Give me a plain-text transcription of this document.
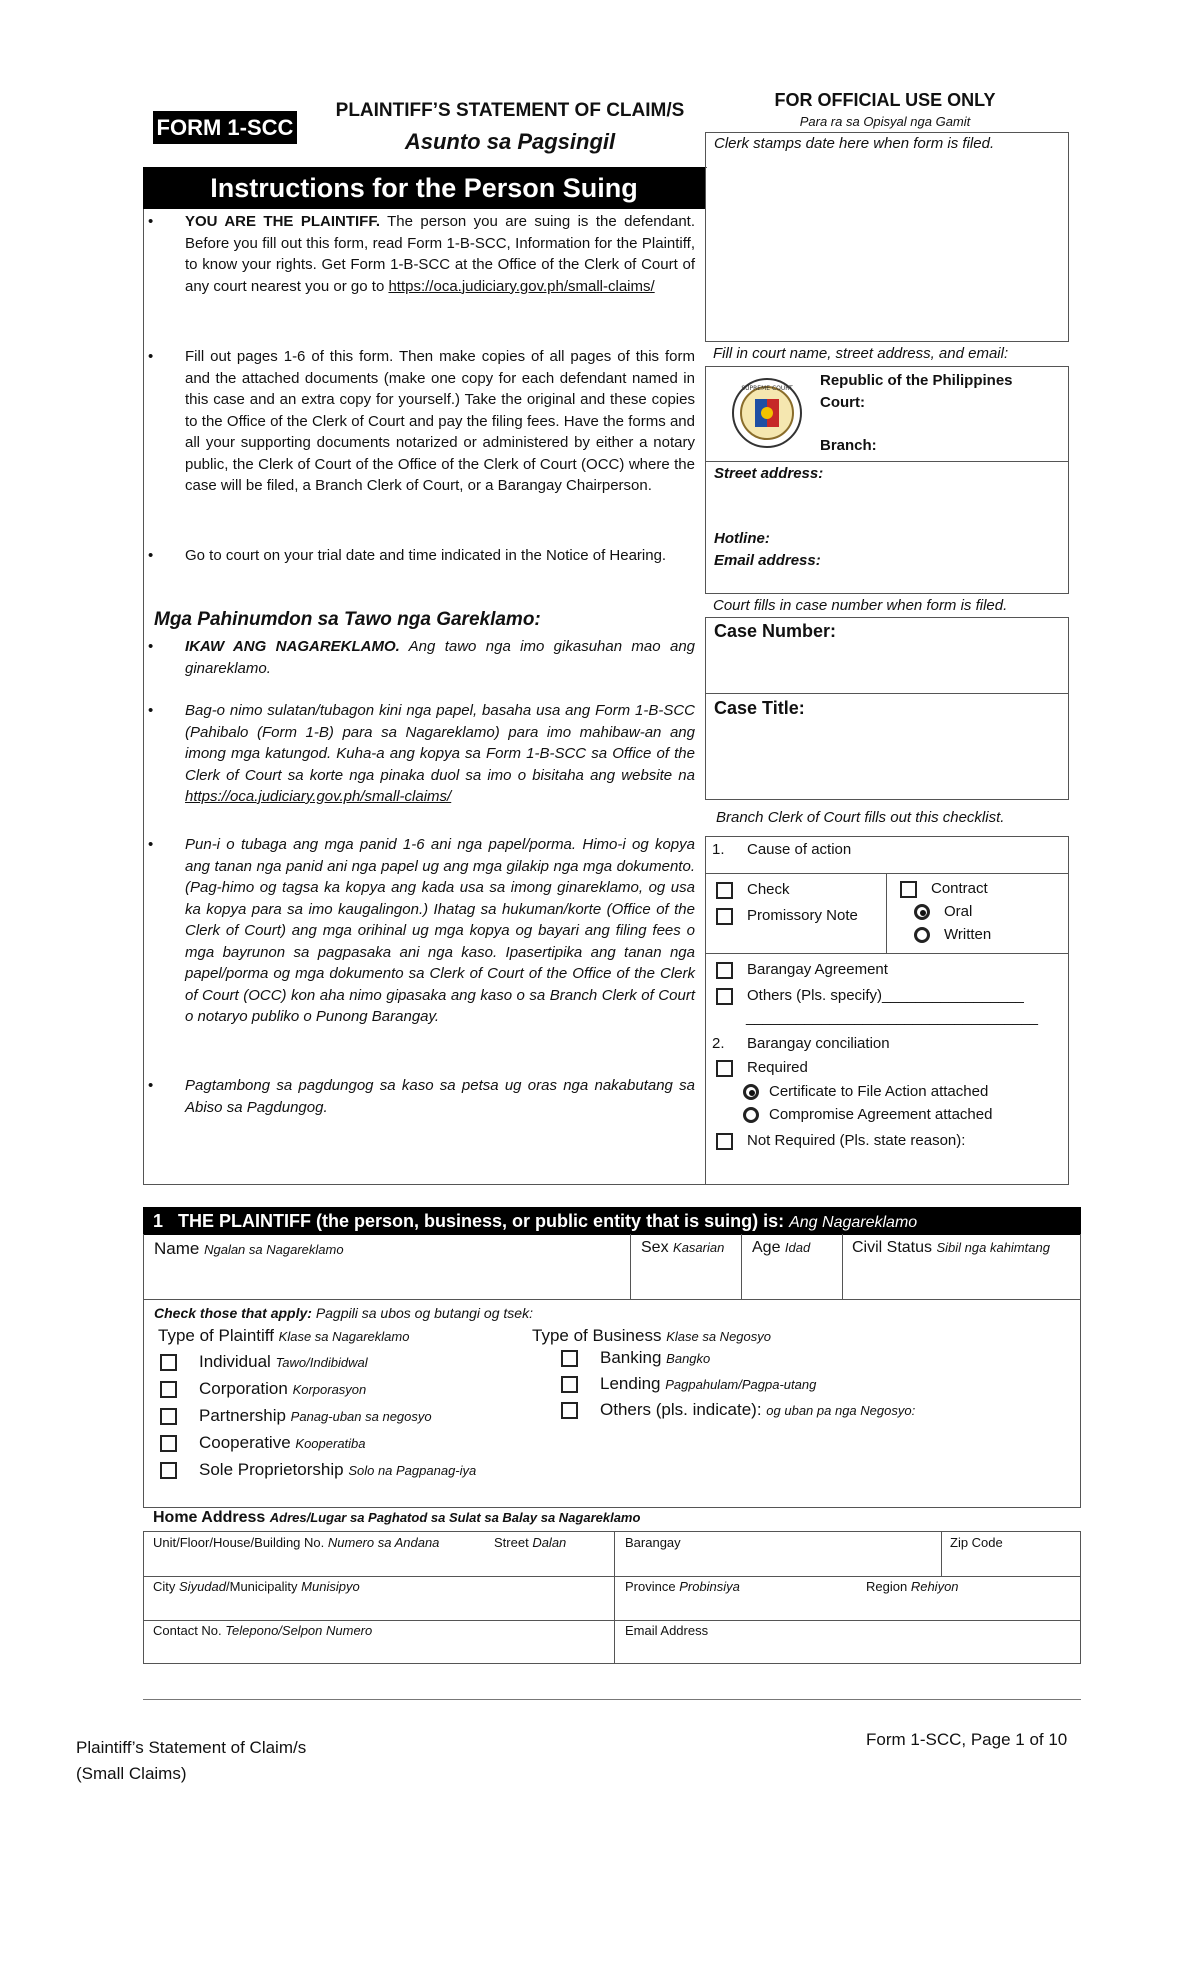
FORM 1-SCC
PLAINTIFF’S STATEMENT OF CLAIM/S
Asunto sa Pagsingil
FOR OFFICIAL USE ONLY
Para ra sa Opisyal nga Gamit
Clerk stamps date here when form is filed.
Instructions for the Person Suing
• YOU ARE THE PLAINTIFF. The person you are suing is the defendant. Before you fill out this form, read Form 1-B-SCC, Information for the Plaintiff, to know your rights. Get Form 1-B-SCC at the Office of the Clerk of Court of any court nearest you or go to https://oca.judiciary.gov.ph/small-claims/
• Fill out pages 1-6 of this form. Then make copies of all pages of this form and the attached documents (make one copy for each defendant named in this case and an extra copy for yourself.) Take the original and these copies to the Office of the Clerk of Court and pay the filing fees. Have the forms and all your supporting documents notarized or administered by either a notary public, the Clerk of Court of the Office of the Clerk of Court (OCC) where the case will be filed, a Branch Clerk of Court, or a Barangay Chairperson.
• Go to court on your trial date and time indicated in the Notice of Hearing.
Mga Pahinumdon sa Tawo nga Gareklamo:
• IKAW ANG NAGAREKLAMO. Ang tawo nga imo gikasuhan mao ang ginareklamo.
• Bag-o nimo sulatan/tubagon kini nga papel, basaha usa ang Form 1-B-SCC (Pahibalo (Form 1-B) para sa Nagareklamo) para imo mahibaw-an ang imong mga katungod. Kuha-a ang kopya sa Form 1-B-SCC sa Office of the Clerk of Court sa korte nga pinaka duol sa imo o bisitaha ang website na https://oca.judiciary.gov.ph/small-claims/
• Pun-i o tubaga ang mga panid 1-6 ani nga papel/porma. Himo-i og kopya ang tanan nga panid ani nga papel ug ang mga gilakip nga mga dokumento. (Pag-himo og tagsa ka kopya ang kada usa sa imong ginareklamo, og usa ka kopya para sa imo kaugalingon.) Ihatag sa hukuman/korte (Office of the Clerk of Court) ang mga orihinal ug mga kopya og bayari ang filing fees o mga bayrunon sa pagpasaka ani nga kaso. Ipasertipika ang tanan nga papel/porma og mga dokumento sa Clerk of Court of the Office of the Clerk of Court (OCC) kon aha nimo gipasaka ang kaso o sa Branch Clerk of Court o notaryo publiko o Punong Barangay.
• Pagtambong sa pagdungog sa kaso sa petsa ug oras nga nakabutang sa Abiso sa Pagdungog.
Fill in court name, street address, and email:
SUPREME COURT Republic of the Philippines
Court:
Branch:
Street address:
Hotline:
Email address:
Court fills in case number when form is filed.
Case Number:
Case Title:
Branch Clerk of Court fills out this checklist.
1. Cause of action
Check
Promissory Note
Contract
Oral
Written
Barangay Agreement
Others (Pls. specify)_________________
___________________________________
2. Barangay conciliation
Required
Certificate to File Action attached
Compromise Agreement attached
Not Required (Pls. state reason):
1 THE PLAINTIFF (the person, business, or public entity that is suing) is: Ang Nagareklamo
Name Ngalan sa Nagareklamo	Sex Kasarian Age Idad	Civil Status Sibil nga kahimtang
Check those that apply: Pagpili sa ubos og butangi og tsek:
Type of Plaintiff Klase sa Nagareklamo	Type of Business Klase sa Negosyo
Individual Tawo/Indibidwal
Corporation Korporasyon
Partnership Panag-uban sa negosyo
Cooperative Kooperatiba
Sole Proprietorship Solo na Pagpanag-iya
Banking Bangko
Lending Pagpahulam/Pagpa-utang
Others (pls. indicate): og uban pa nga Negosyo:
Home Address Adres/Lugar sa Paghatod sa Sulat sa Balay sa Nagareklamo
Unit/Floor/House/Building No. Numero sa Andana	Street Dalan	Barangay	Zip Code
City Siyudad/Municipality Munisipyo	Province Probinsiya	Region Rehiyon
Contact No. Telepono/Selpon Numero	Email Address
Plaintiff’s Statement of Claim/s
(Small Claims)
Form 1-SCC, Page 1 of 10
